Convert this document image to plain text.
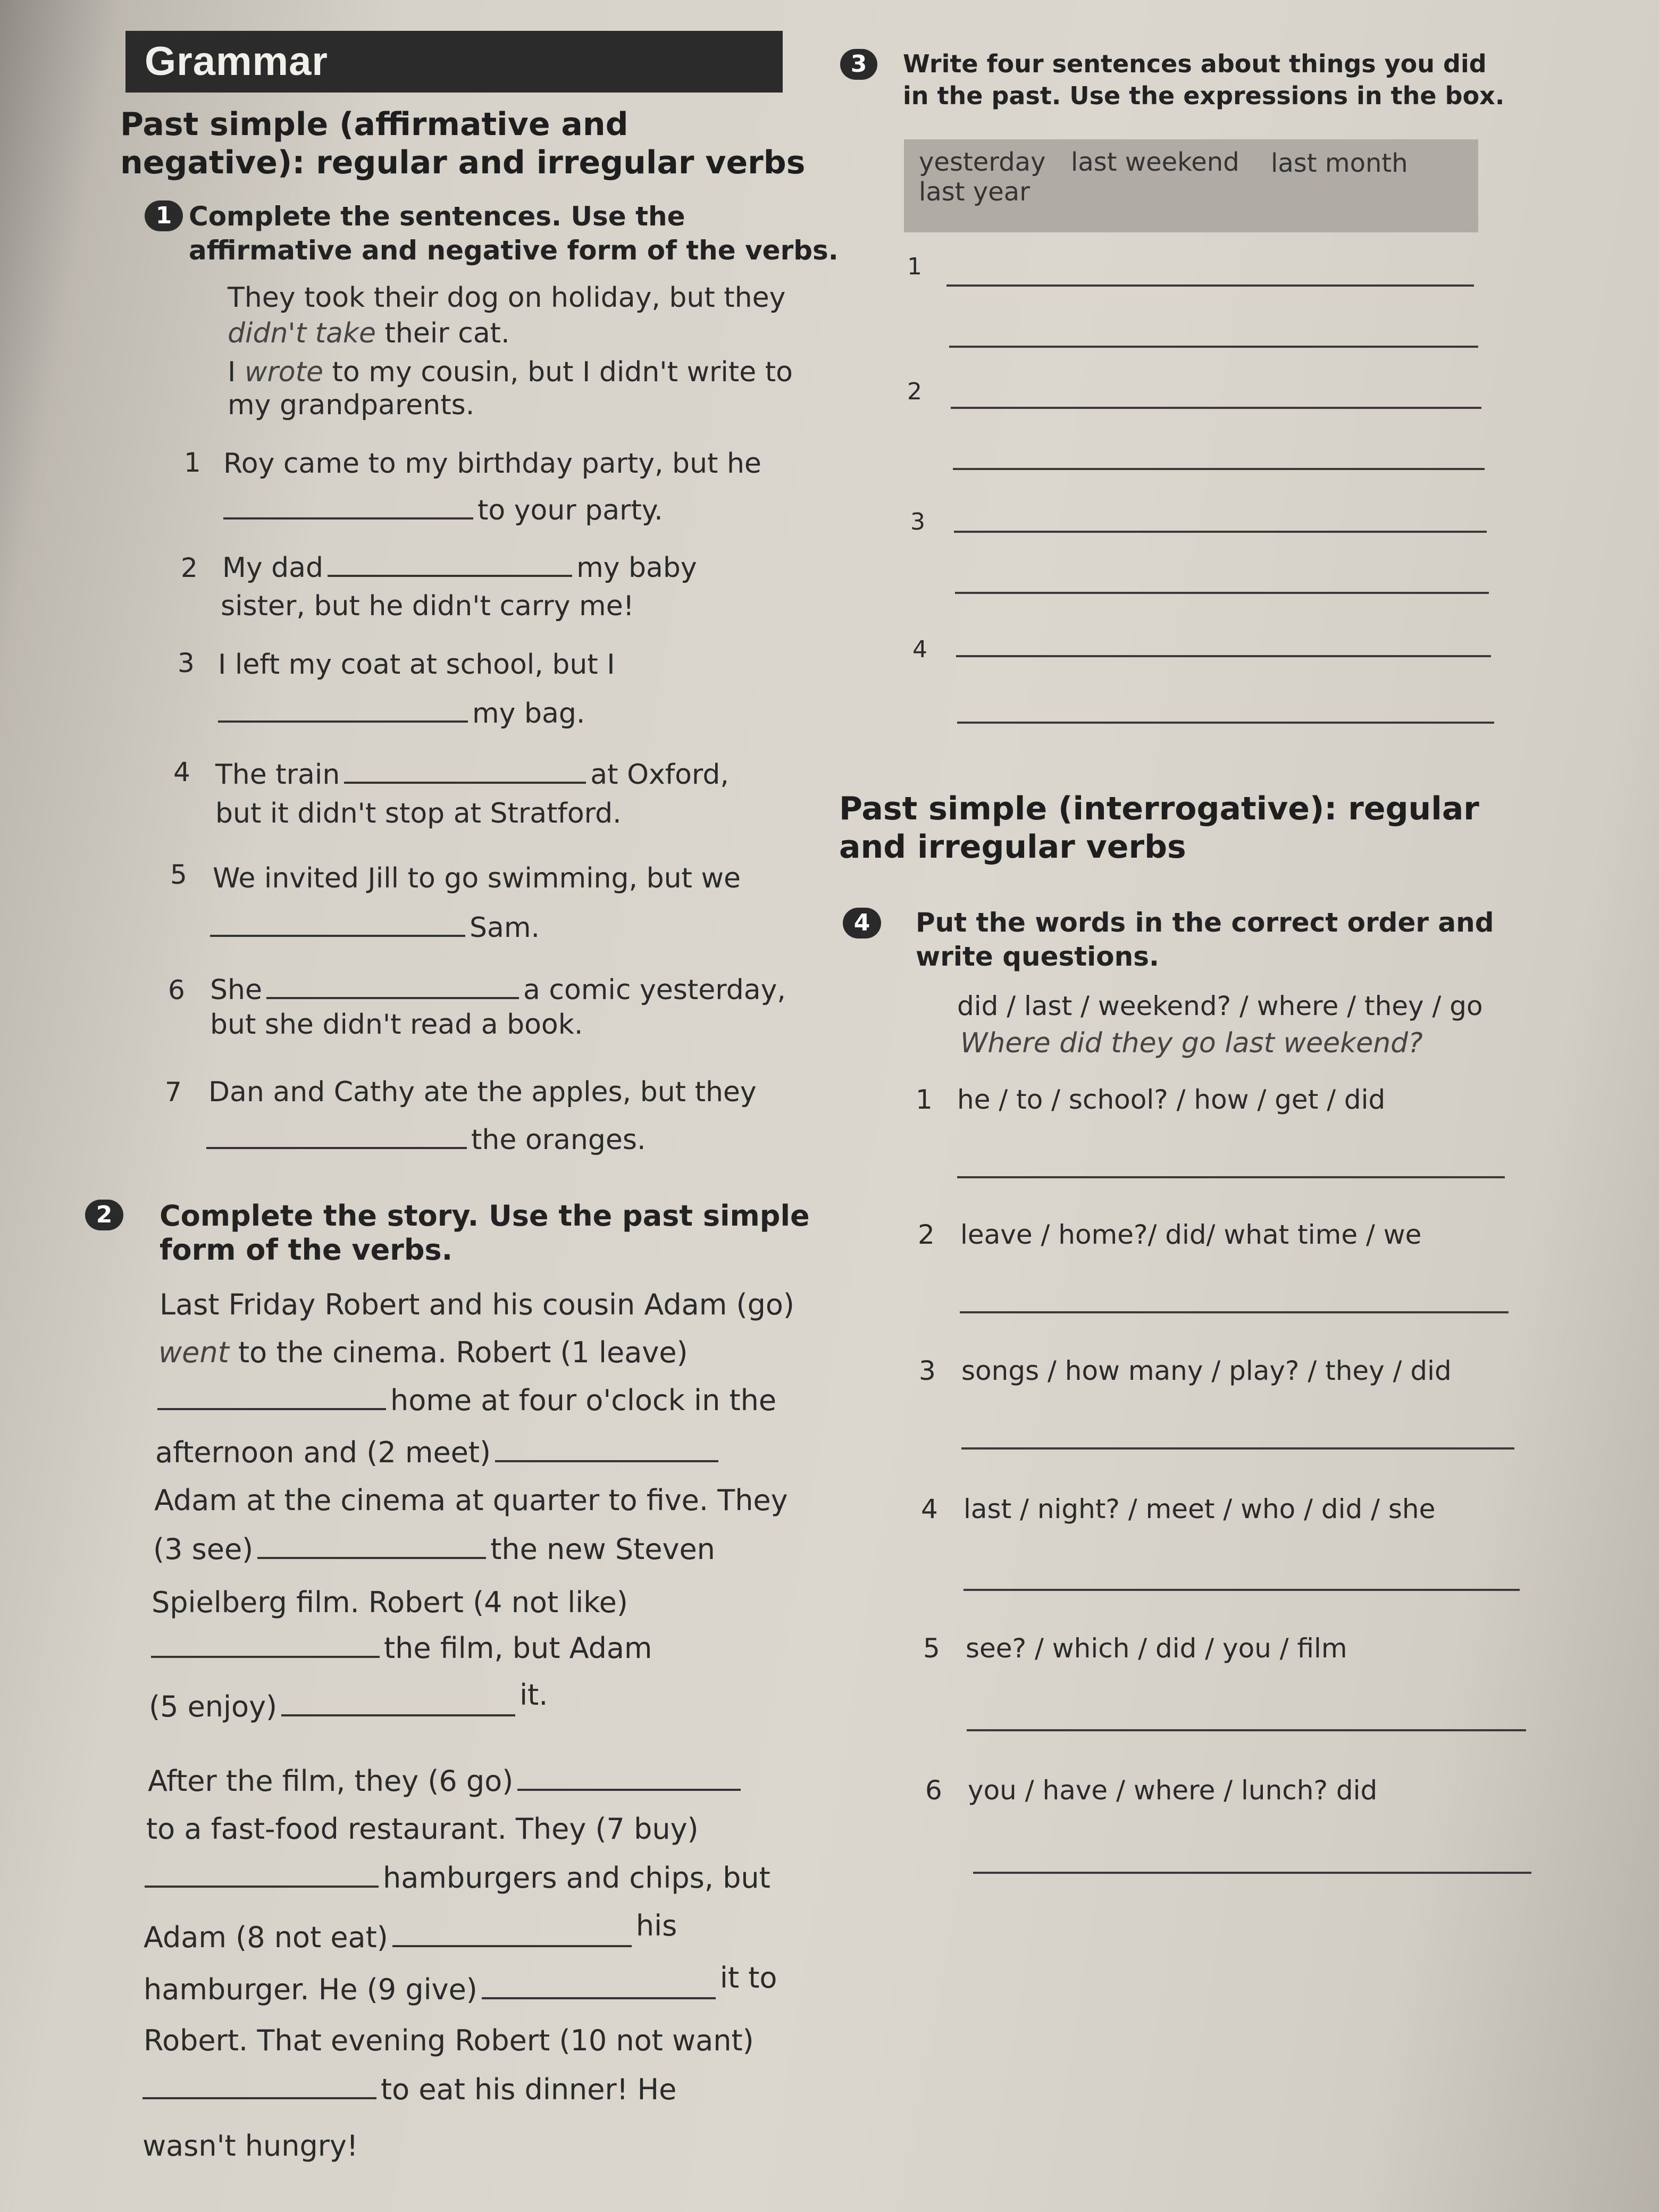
Grammar
Past simple (affirmative and
negative): regular and irregular verbs
1 Complete the sentences. Use the
affirmative and negative form of the verbs.
They took their dog on holiday, but they
didn't take their cat.
I wrote to my cousin, but I didn't write to
my grandparents.
1 Roy came to my birthday party, but he
to your party.
2 My dad	my baby
sister, but he didn't carry me!
3 I left my coat at school, but I
my bag.
4 The train	at Oxford,
but it didn't stop at Stratford.
5 We invited Jill to go swimming, but we
Sam.
6 She	a comic yesterday,
but she didn't read a book.
7 Dan and Cathy ate the apples, but they
the oranges.
2	Complete the story. Use the past simple
form of the verbs.
Last Friday Robert and his cousin Adam (go)
went to the cinema. Robert (1 leave)
home at four o'clock in the
afternoon and (2 meet)
Adam at the cinema at quarter to five. They
(3 see)	the new Steven
Spielberg film. Robert (4 not like)
the film, but Adam
(5 enjoy)	it.
After the film, they (6 go)
to a fast-food restaurant. They (7 buy)
hamburgers and chips, but
Adam (8 not eat)	his
hamburger. He (9 give)	it to
Robert. That evening Robert (10 not want)
to eat his dinner! He
wasn't hungry!
3	Write four sentences about things you did
in the past. Use the expressions in the box.
yesterday last weekend last month
last year
1
2
3
4
Past simple (interrogative): regular
and irregular verbs
4	Put the words in the correct order and
write questions.
did / last / weekend? / where / they / go
Where did they go last weekend?
1 he / to / school? / how / get / did
2 leave / home?/ did/ what time / we
3 songs / how many / play? / they / did
4 last / night? / meet / who / did / she
5 see? / which / did / you / film
6 you / have / where / lunch? did
